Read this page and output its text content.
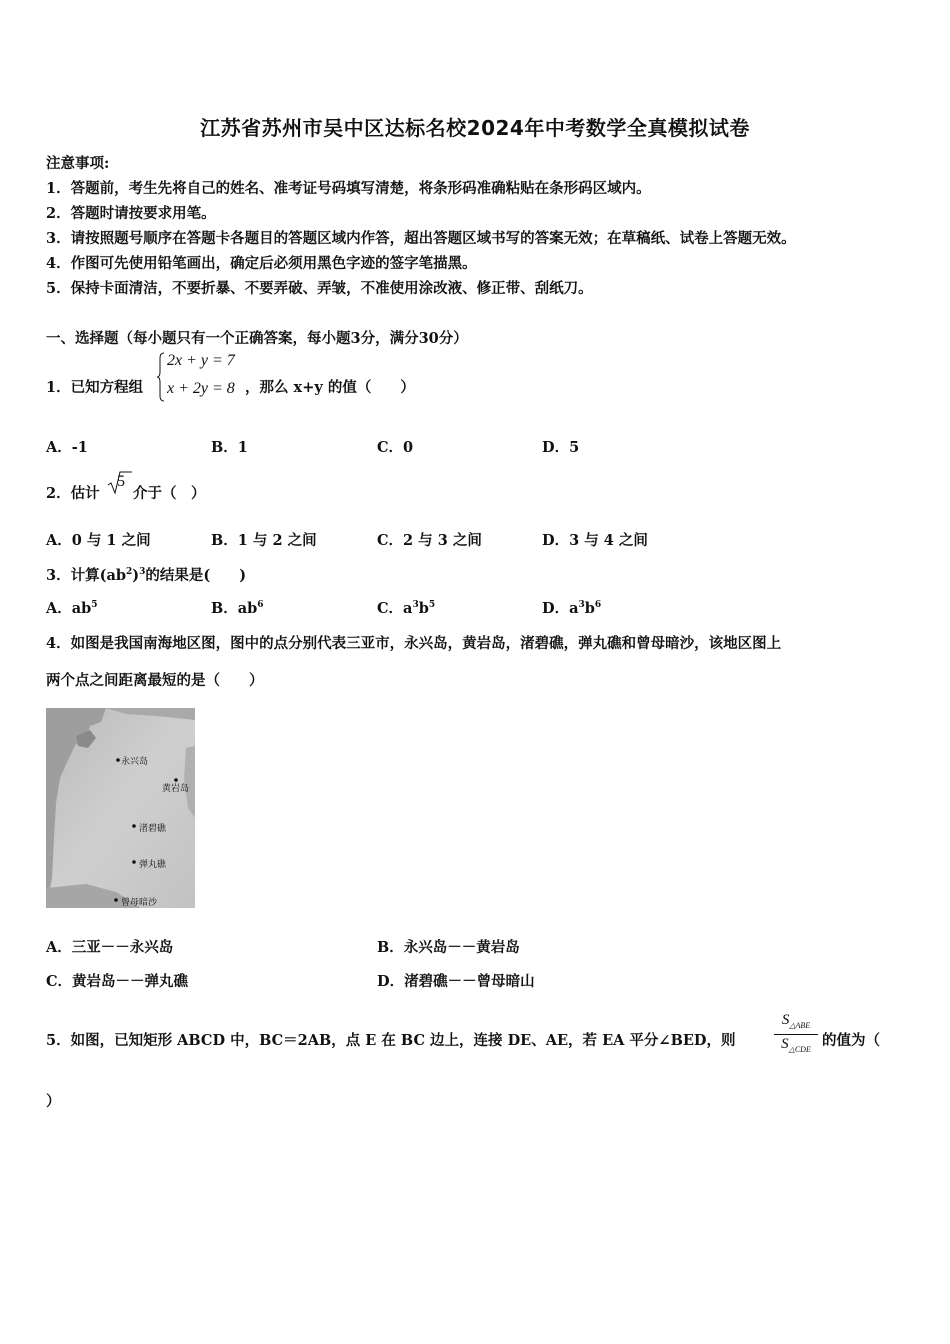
江苏省苏州市吴中区达标名校2024年中考数学全真模拟试卷
注意事项:
1．答题前，考生先将自己的姓名、准考证号码填写清楚，将条形码准确粘贴在条形码区域内。
2．答题时请按要求用笔。
3．请按照题号顺序在答题卡各题目的答题区域内作答，超出答题区域书写的答案无效；在草稿纸、试卷上答题无效。
4．作图可先使用铅笔画出，确定后必须用黑色字迹的签字笔描黑。
5．保持卡面清洁，不要折暴、不要弄破、弄皱，不准使用涂改液、修正带、刮纸刀。
一、选择题（每小题只有一个正确答案，每小题3分，满分30分）
1．已知方程组
2x + y = 7
x + 2y = 8 ，那么 x+y 的值（　　）
A．-1	B．1	C．0	D．5
2．估计
5
介于（　）
A．0 与 1 之间	B．1 与 2 之间	C．2 与 3 之间	D．3 与 4 之间
3．计算$(ab^2)^3$的结果是(　　)
A．$ab^5$	B．$ab^6$	C．$a^3b^5$	D．$a^3b^6$
4．如图是我国南海地区图，图中的点分别代表三亚市，永兴岛，黄岩岛，渚碧礁，弹丸礁和曾母暗沙，该地区图上
两个点之间距离最短的是（　　）
永兴岛
黄岩岛
渚碧礁
弹丸礁
曾母暗沙
A．三亚－－永兴岛	B．永兴岛－－黄岩岛
C．黄岩岛－－弹丸礁	D．渚碧礁－－曾母暗山
5．如图，已知矩形 ABCD 中，BC＝2AB，点 E 在 BC 边上，连接 DE、AE，若 EA 平分∠BED，则
$S_{\triangle ABE}$
$S_{\triangle CDE}$
的值为（
）
